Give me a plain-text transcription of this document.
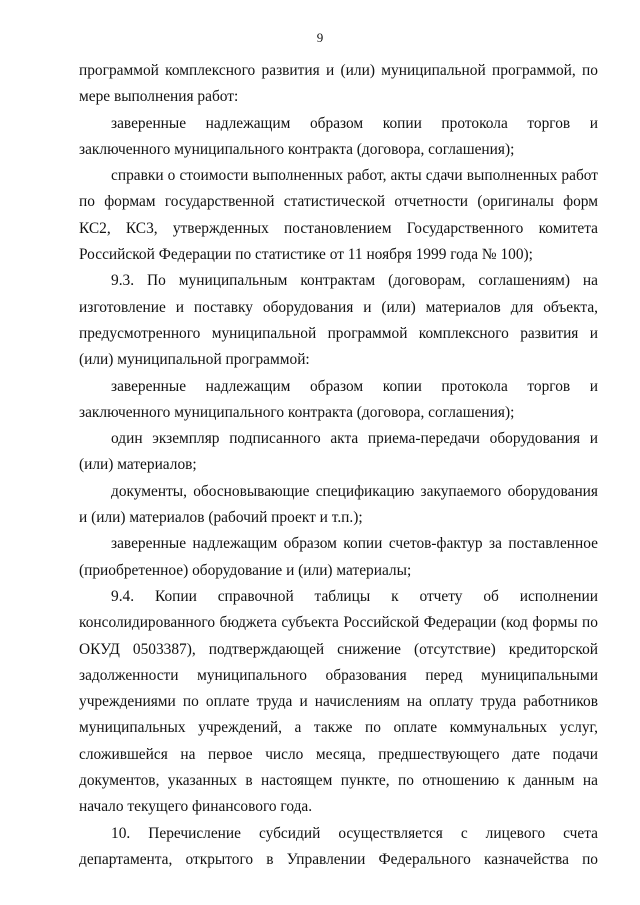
9

программой комплексного развития и (или) муниципальной программой, по мере выполнения работ:

заверенные надлежащим образом копии протокола торгов и заключенного муниципального контракта (договора, соглашения);

справки о стоимости выполненных работ, акты сдачи выполненных работ по формам государственной статистической отчетности (оригиналы форм КС2, КС3, утвержденных постановлением Государственного комитета Российской Федерации по статистике от 11 ноября 1999 года № 100);

9.3. По муниципальным контрактам (договорам, соглашениям) на изготовление и поставку оборудования и (или) материалов для объекта, предусмотренного муниципальной программой комплексного развития и (или) муниципальной программой:

заверенные надлежащим образом копии протокола торгов и заключенного муниципального контракта (договора, соглашения);

один экземпляр подписанного акта приема-передачи оборудования и (или) материалов;

документы, обосновывающие спецификацию закупаемого оборудования и (или) материалов (рабочий проект и т.п.);

заверенные надлежащим образом копии счетов-фактур за поставленное (приобретенное) оборудование и (или) материалы;

9.4. Копии справочной таблицы к отчету об исполнении консолидированного бюджета субъекта Российской Федерации (код формы по ОКУД 0503387), подтверждающей снижение (отсутствие) кредиторской задолженности муниципального образования перед муниципальными учреждениями по оплате труда и начислениям на оплату труда работников муниципальных учреждений, а также по оплате коммунальных услуг, сложившейся на первое число месяца, предшествующего дате подачи документов, указанных в настоящем пункте, по отношению к данным на начало текущего финансового года.

10. Перечисление субсидий осуществляется с лицевого счета департамента, открытого в Управлении Федерального казначейства по
